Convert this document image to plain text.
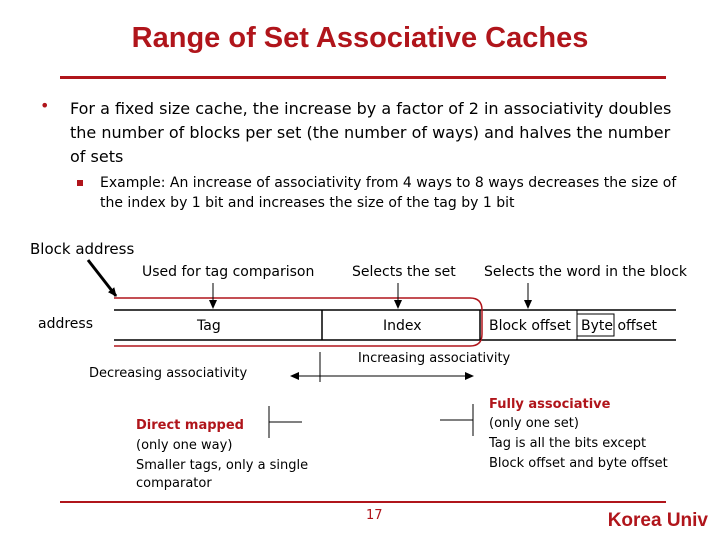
Range of Set Associative Caches
• For a fixed size cache, the increase by a factor of 2 in associativity doubles the number of blocks per set (the number of ways) and halves the number of sets
Example: An increase of associativity from 4 ways to 8 ways decreases the size of the index by 1 bit and increases the size of the tag by 1 bit
Block address
address
Used for tag comparison	Selects the set Selects the word in the block
Tag	Index	Block offset Byte offset
Decreasing associativity
Increasing associativity
Direct mapped
(only one way)
Smaller tags, only a single
comparator
Fully associative
(only one set)
Tag is all the bits except
Block offset and byte offset
17	Korea Univ
